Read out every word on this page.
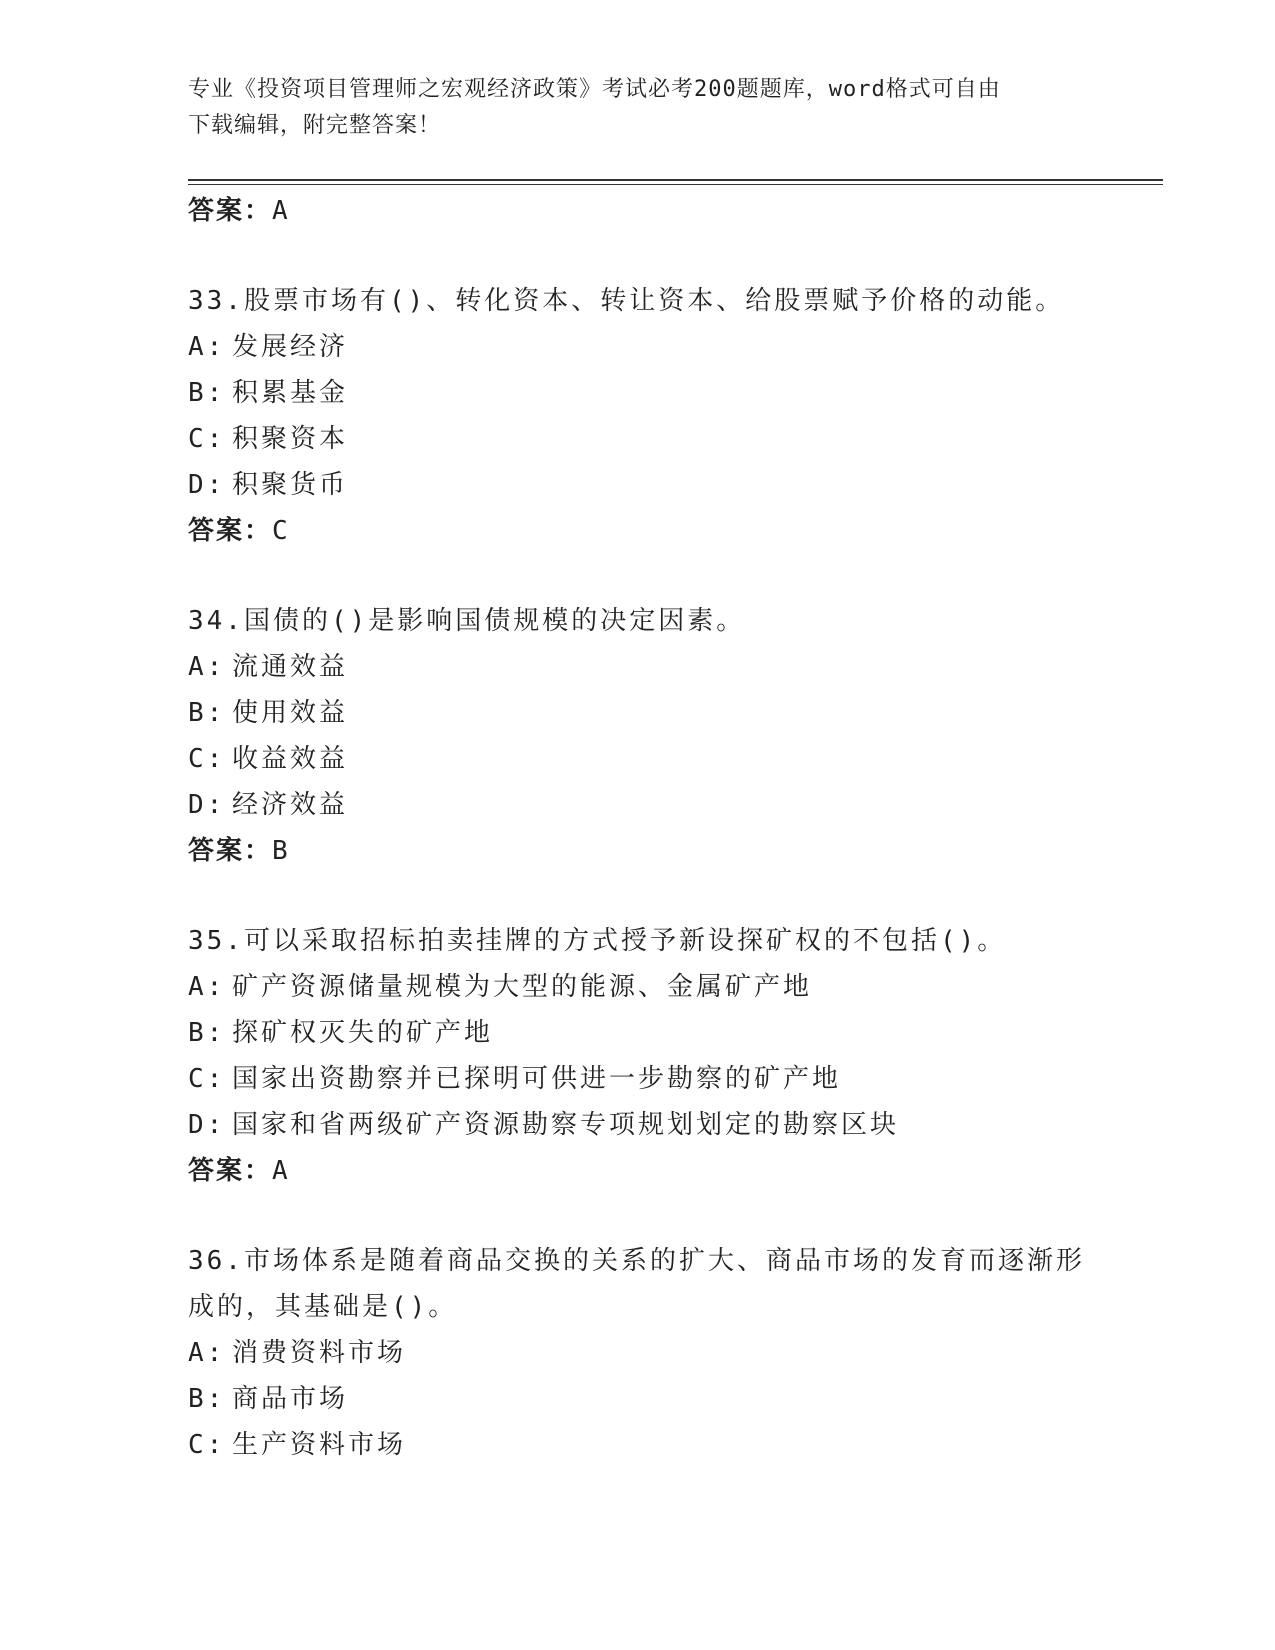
专业《投资项目管理师之宏观经济政策》考试必考200题题库，word格式可自由
下载编辑，附完整答案！
答案：A
33.股票市场有()、转化资本、转让资本、给股票赋予价格的动能。
A: 发展经济
B: 积累基金
C: 积聚资本
D: 积聚货币
答案：C
34.国债的()是影响国债规模的决定因素。
A: 流通效益
B: 使用效益
C: 收益效益
D: 经济效益
答案：B
35.可以采取招标拍卖挂牌的方式授予新设探矿权的不包括()。
A: 矿产资源储量规模为大型的能源、金属矿产地
B: 探矿权灭失的矿产地
C: 国家出资勘察并已探明可供进一步勘察的矿产地
D: 国家和省两级矿产资源勘察专项规划划定的勘察区块
答案：A
36.市场体系是随着商品交换的关系的扩大、商品市场的发育而逐渐形
成的，其基础是()。
A: 消费资料市场
B: 商品市场
C: 生产资料市场
